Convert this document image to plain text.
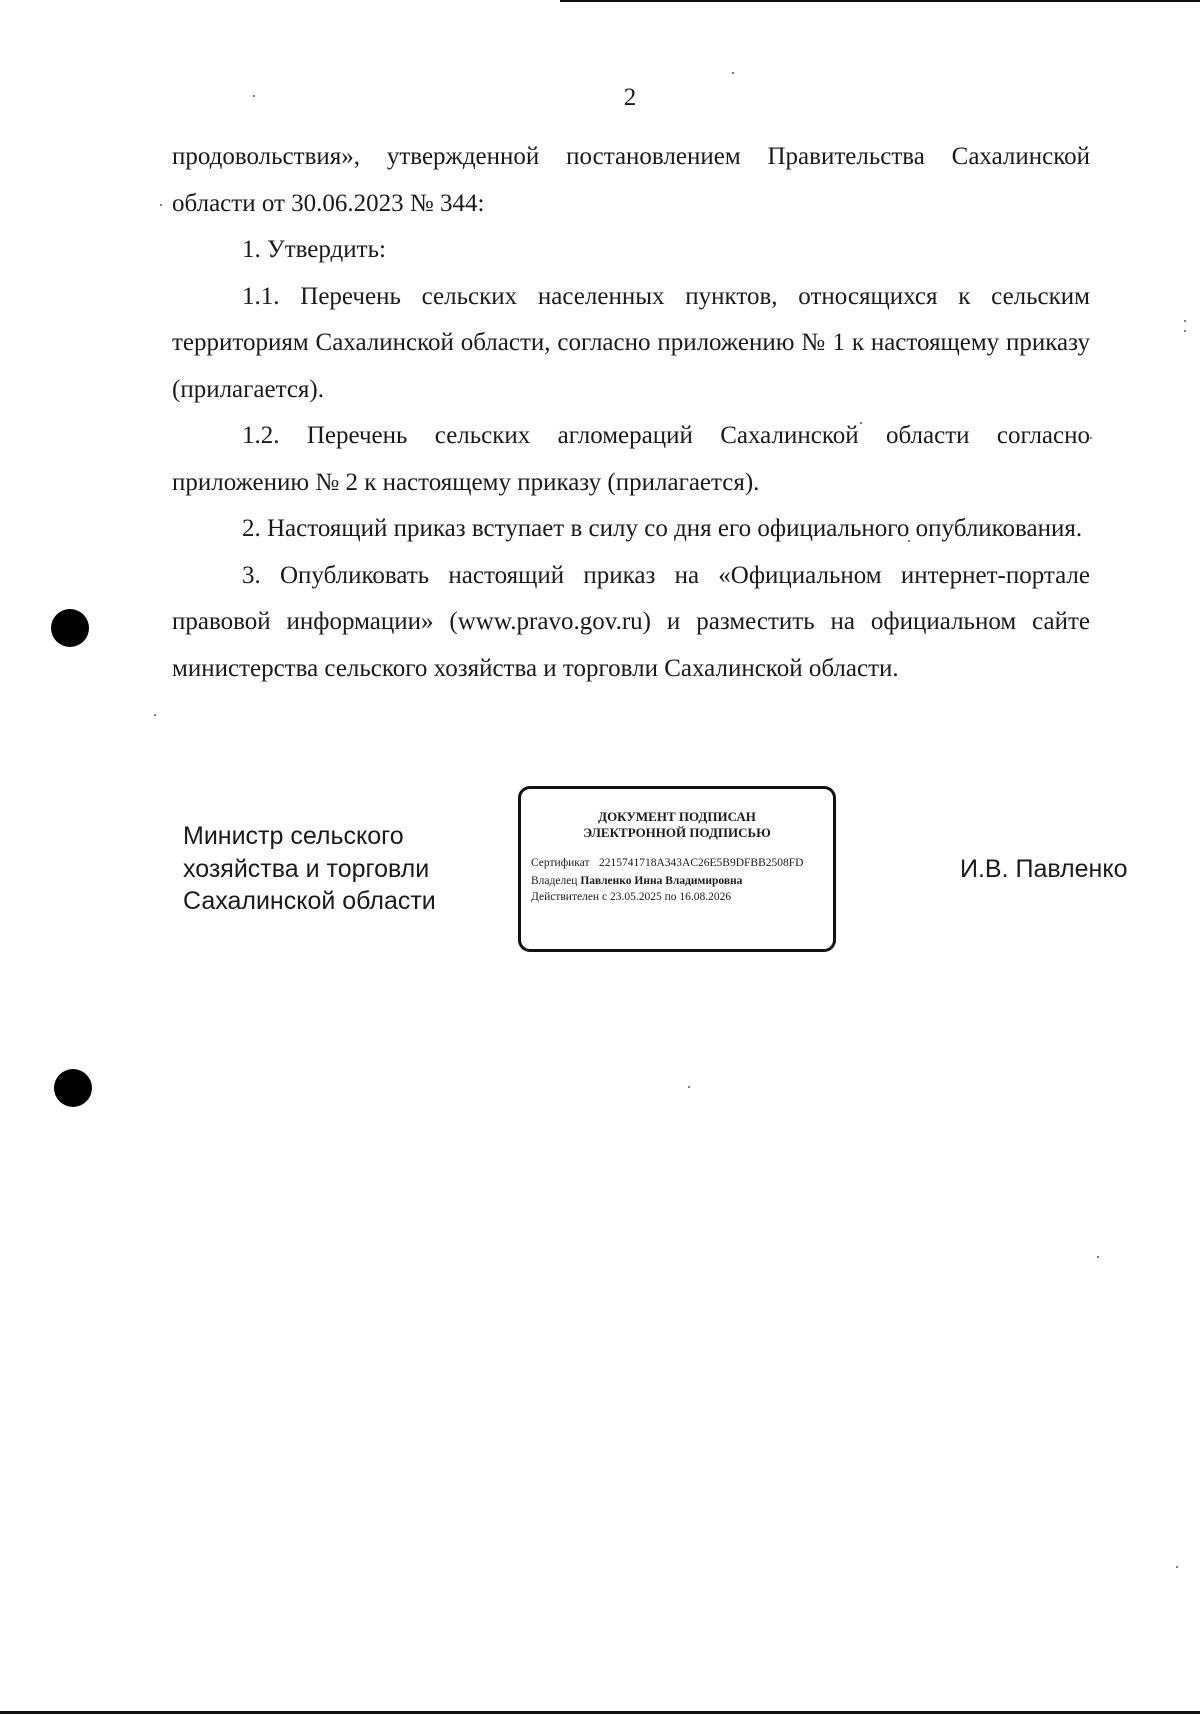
2

продовольствия», утвержденной постановлением Правительства Сахалинской области от 30.06.2023 № 344:

1. Утвердить:

1.1. Перечень сельских населенных пунктов, относящихся к сельским территориям Сахалинской области, согласно приложению № 1 к настоящему приказу (прилагается).

1.2. Перечень сельских агломераций Сахалинской области согласно приложению № 2 к настоящему приказу (прилагается).

2. Настоящий приказ вступает в силу со дня его официального опубликования.

3. Опубликовать настоящий приказ на «Официальном интернет-портале правовой информации» (www.pravo.gov.ru) и разместить на официальном сайте министерства сельского хозяйства и торговли Сахалинской области.

Министр сельского
хозяйства и торговли
Сахалинской области
ДОКУМЕНТ ПОДПИСАН
ЭЛЕКТРОННОЙ ПОДПИСЬЮ
Сертификат 2215741718A343AC26E5B9DFBB2508FD
Владелец Павленко Инна Владимировна
Действителен с 23.05.2025 по 16.08.2026
И.В. Павленко
